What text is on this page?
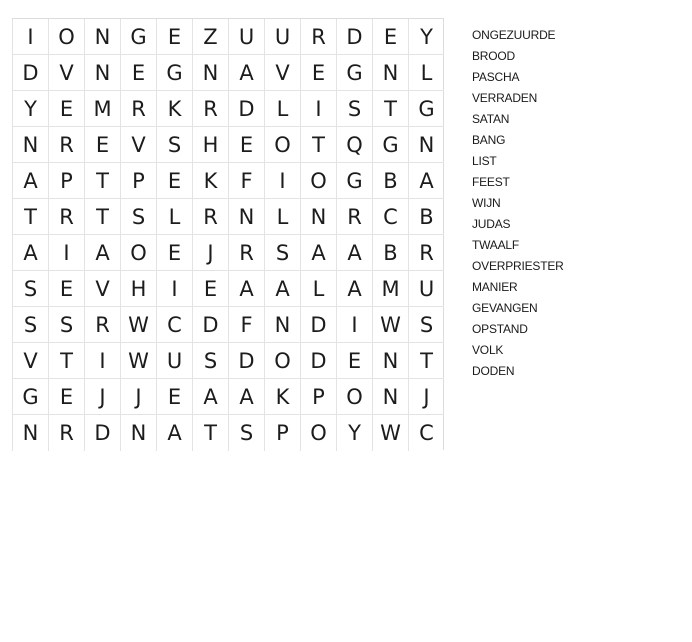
I	O N G	E	Z	U U	R D	E	Y
D V N	E	G N A	V	E	G N	L
Y	E M R	K	R D	L	I	S	T	G
N R	E	V	S	H	E	O	T	Q G N
A	P	T	P	E	K	F	I	O G B	A
T	R	T	S	L	R N	L	N R	C	B
A	I	A O	E	J	R	S	A	A	B	R
S	E	V H	I	E	A	A	L	A M U
S	S	R W C D	F	N D	I	W S
V	T	I	W U	S	D O D	E	N	T
G	E	J	J	E	A	A	K	P	O N	J
N R D N A	T	S	P	O	Y W C
ONGEZUURDE
BROOD
PASCHA
VERRADEN
SATAN
BANG
LIST
FEEST
WIJN
JUDAS
TWAALF
OVERPRIESTER
MANIER
GEVANGEN
OPSTAND
VOLK
DODEN
